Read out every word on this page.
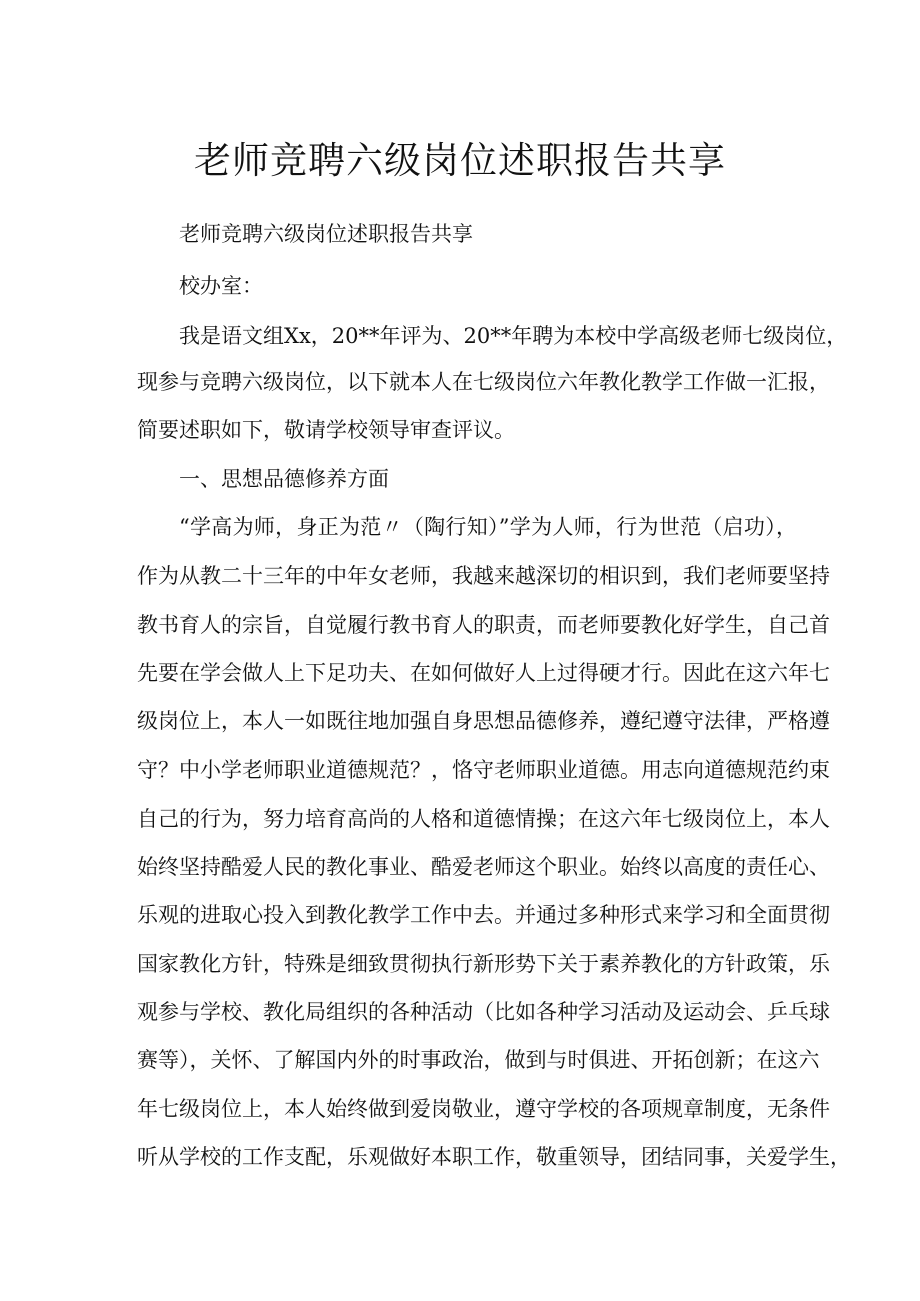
老师竞聘六级岗位述职报告共享

老师竞聘六级岗位述职报告共享

校办室：

我是语文组Xx，20**年评为、20**年聘为本校中学高级老师七级岗位，

现参与竞聘六级岗位，以下就本人在七级岗位六年教化教学工作做一汇报，

简要述职如下，敬请学校领导审查评议。

一、思想品德修养方面

“学高为师，身正为范〃（陶行知）”学为人师，行为世范（启功），

作为从教二十三年的中年女老师，我越来越深切的相识到，我们老师要坚持

教书育人的宗旨，自觉履行教书育人的职责，而老师要教化好学生，自己首

先要在学会做人上下足功夫、在如何做好人上过得硬才行。因此在这六年七

级岗位上，本人一如既往地加强自身思想品德修养，遵纪遵守法律，严格遵

守？中小学老师职业道德规范？，恪守老师职业道德。用志向道德规范约束

自己的行为，努力培育高尚的人格和道德情操；在这六年七级岗位上，本人

始终坚持酷爱人民的教化事业、酷爱老师这个职业。始终以高度的责任心、

乐观的进取心投入到教化教学工作中去。并通过多种形式来学习和全面贯彻

国家教化方针，特殊是细致贯彻执行新形势下关于素养教化的方针政策，乐

观参与学校、教化局组织的各种活动（比如各种学习活动及运动会、乒乓球

赛等），关怀、了解国内外的时事政治，做到与时俱进、开拓创新；在这六

年七级岗位上，本人始终做到爱岗敬业，遵守学校的各项规章制度，无条件

听从学校的工作支配，乐观做好本职工作，敬重领导，团结同事，关爱学生，
